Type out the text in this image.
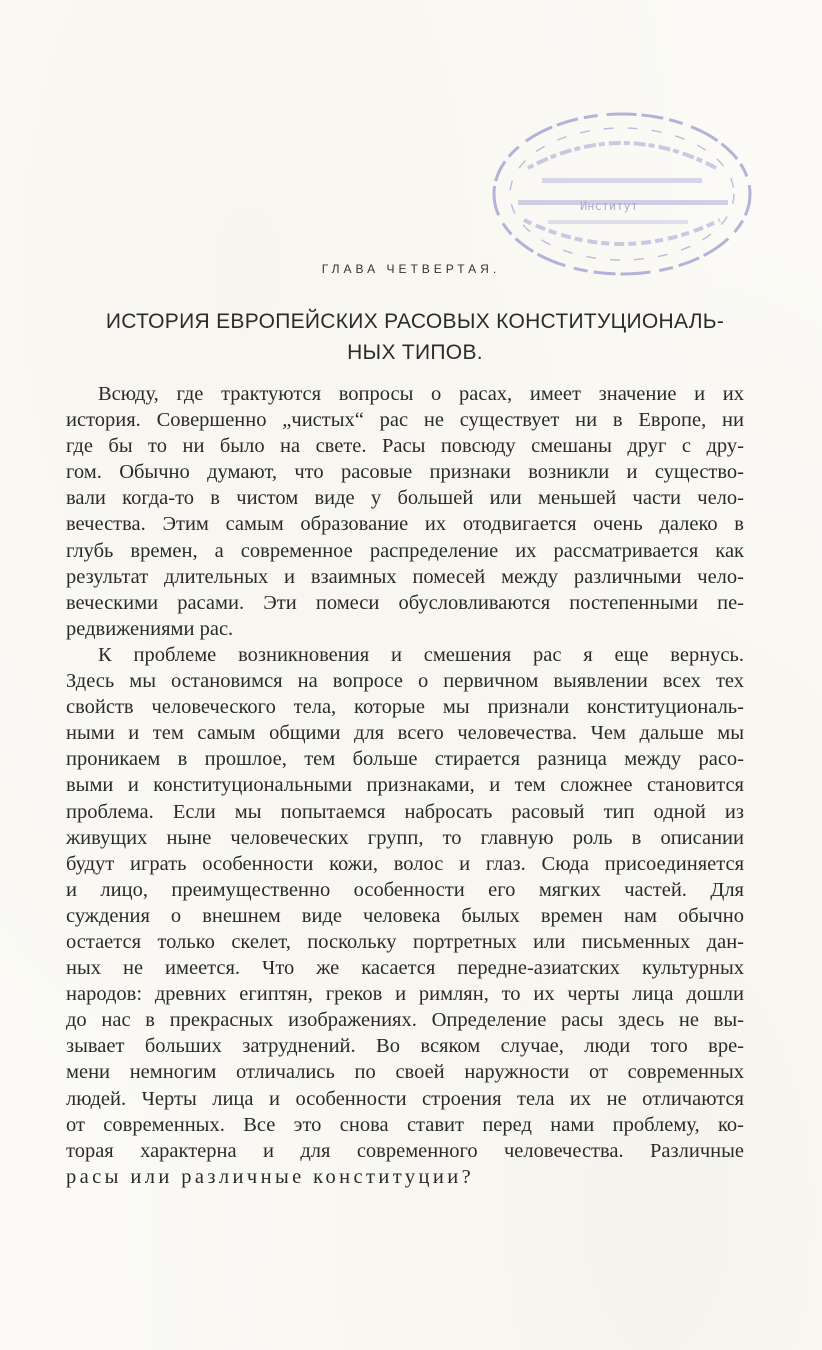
Институт
ГЛАВА ЧЕТВЕРТАЯ.
ИСТОРИЯ ЕВРОПЕЙСКИХ РАСОВЫХ КОНСТИТУЦИОНАЛЬ-
НЫХ ТИПОВ.
Всюду, где трактуются вопросы о расах, имеет значение и их
история. Совершенно „чистых“ рас не существует ни в Европе, ни
где бы то ни было на свете. Расы повсюду смешаны друг с дру-
гом. Обычно думают, что расовые признаки возникли и существо-
вали когда-то в чистом виде у большей или меньшей части чело-
вечества. Этим самым образование их отодвигается очень далеко в
глубь времен, а современное распределение их рассматривается как
результат длительных и взаимных помесей между различными чело-
веческими расами. Эти помеси обусловливаются постепенными пе-
редвижениями рас.
К проблеме возникновения и смешения рас я еще вернусь.
Здесь мы остановимся на вопросе о первичном выявлении всех тех
свойств человеческого тела, которые мы признали конституциональ-
ными и тем самым общими для всего человечества. Чем дальше мы
проникаем в прошлое, тем больше стирается разница между расо-
выми и конституциональными признаками, и тем сложнее становится
проблема. Если мы попытаемся набросать расовый тип одной из
живущих ныне человеческих групп, то главную роль в описании
будут играть особенности кожи, волос и глаз. Сюда присоединяется
и лицо, преимущественно особенности его мягких частей. Для
суждения о внешнем виде человека былых времен нам обычно
остается только скелет, поскольку портретных или письменных дан-
ных не имеется. Что же касается передне-азиатских культурных
народов: древних египтян, греков и римлян, то их черты лица дошли
до нас в прекрасных изображениях. Определение расы здесь не вы-
зывает больших затруднений. Во всяком случае, люди того вре-
мени немногим отличались по своей наружности от современных
людей. Черты лица и особенности строения тела их не отличаются
от современных. Все это снова ставит перед нами проблему, ко-
торая характерна и для современного человечества. Различные
расы или различные конституции?
